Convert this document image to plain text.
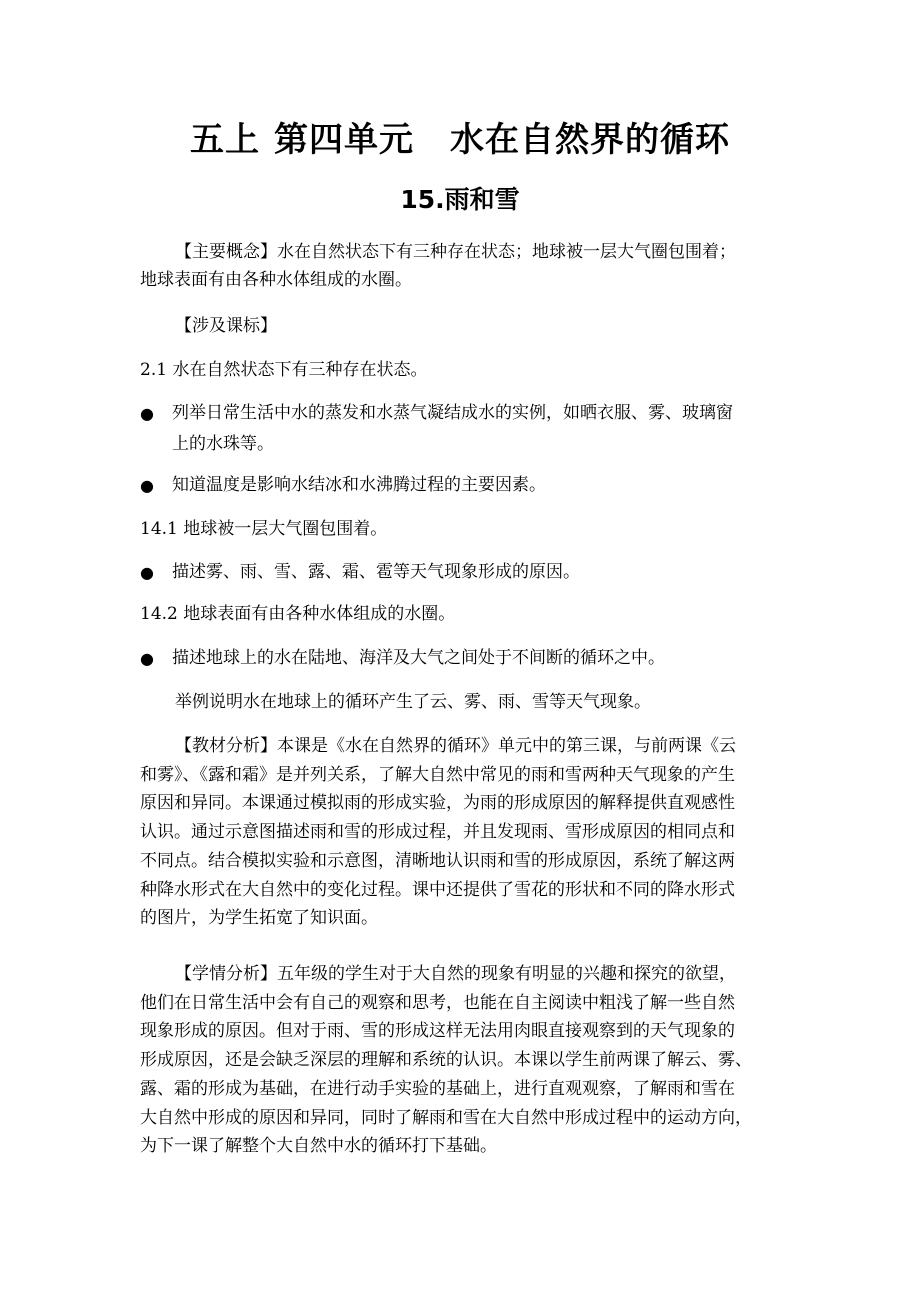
五上 第四单元 水在自然界的循环
15.雨和雪
【主要概念】水在自然状态下有三种存在状态；地球被一层大气圈包围着；
地球表面有由各种水体组成的水圈。
【涉及课标】
2.1 水在自然状态下有三种存在状态。
● 列举日常生活中水的蒸发和水蒸气凝结成水的实例，如晒衣服、雾、玻璃窗
上的水珠等。
● 知道温度是影响水结冰和水沸腾过程的主要因素。
14.1 地球被一层大气圈包围着。
● 描述雾、雨、雪、露、霜、雹等天气现象形成的原因。
14.2 地球表面有由各种水体组成的水圈。
● 描述地球上的水在陆地、海洋及大气之间处于不间断的循环之中。
举例说明水在地球上的循环产生了云、雾、雨、雪等天气现象。
【教材分析】本课是《水在自然界的循环》单元中的第三课，与前两课《云
和雾》、《露和霜》是并列关系，了解大自然中常见的雨和雪两种天气现象的产生
原因和异同。本课通过模拟雨的形成实验，为雨的形成原因的解释提供直观感性
认识。通过示意图描述雨和雪的形成过程，并且发现雨、雪形成原因的相同点和
不同点。结合模拟实验和示意图，清晰地认识雨和雪的形成原因，系统了解这两
种降水形式在大自然中的变化过程。课中还提供了雪花的形状和不同的降水形式
的图片，为学生拓宽了知识面。
【学情分析】五年级的学生对于大自然的现象有明显的兴趣和探究的欲望，
他们在日常生活中会有自己的观察和思考，也能在自主阅读中粗浅了解一些自然
现象形成的原因。但对于雨、雪的形成这样无法用肉眼直接观察到的天气现象的
形成原因，还是会缺乏深层的理解和系统的认识。本课以学生前两课了解云、雾、
露、霜的形成为基础，在进行动手实验的基础上，进行直观观察，了解雨和雪在
大自然中形成的原因和异同，同时了解雨和雪在大自然中形成过程中的运动方向，
为下一课了解整个大自然中水的循环打下基础。
